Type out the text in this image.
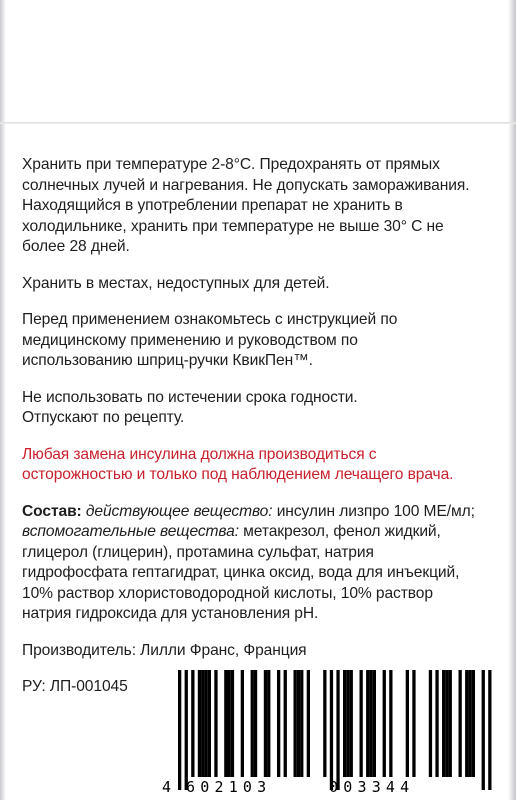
Хранить при температуре 2-8°C. Предохранять от прямых
солнечных лучей и нагревания. Не допускать замораживания.
Находящийся в употреблении препарат не хранить в
холодильнике, хранить при температуре не выше 30° С не
более 28 дней.

Хранить в местах, недоступных для детей.

Перед применением ознакомьтесь с инструкцией по
медицинскому применению и руководством по
использованию шприц-ручки КвикПен™.

Не использовать по истечении срока годности.
Отпускают по рецепту.

Любая замена инсулина должна производиться с
осторожностью и только под наблюдением лечащего врача.

Состав: действующее вещество: инсулин лизпро 100 МЕ/мл;
вспомогательные вещества: метакрезол, фенол жидкий,
глицерол (глицерин), протамина сульфат, натрия
гидрофосфата гептагидрат, цинка оксид, вода для инъекций,
10% раствор хлористоводородной кислоты, 10% раствор
натрия гидроксида для установления pH.

Производитель: Лилли Франс, Франция

РУ: ЛП-001045

4 602103	003344
